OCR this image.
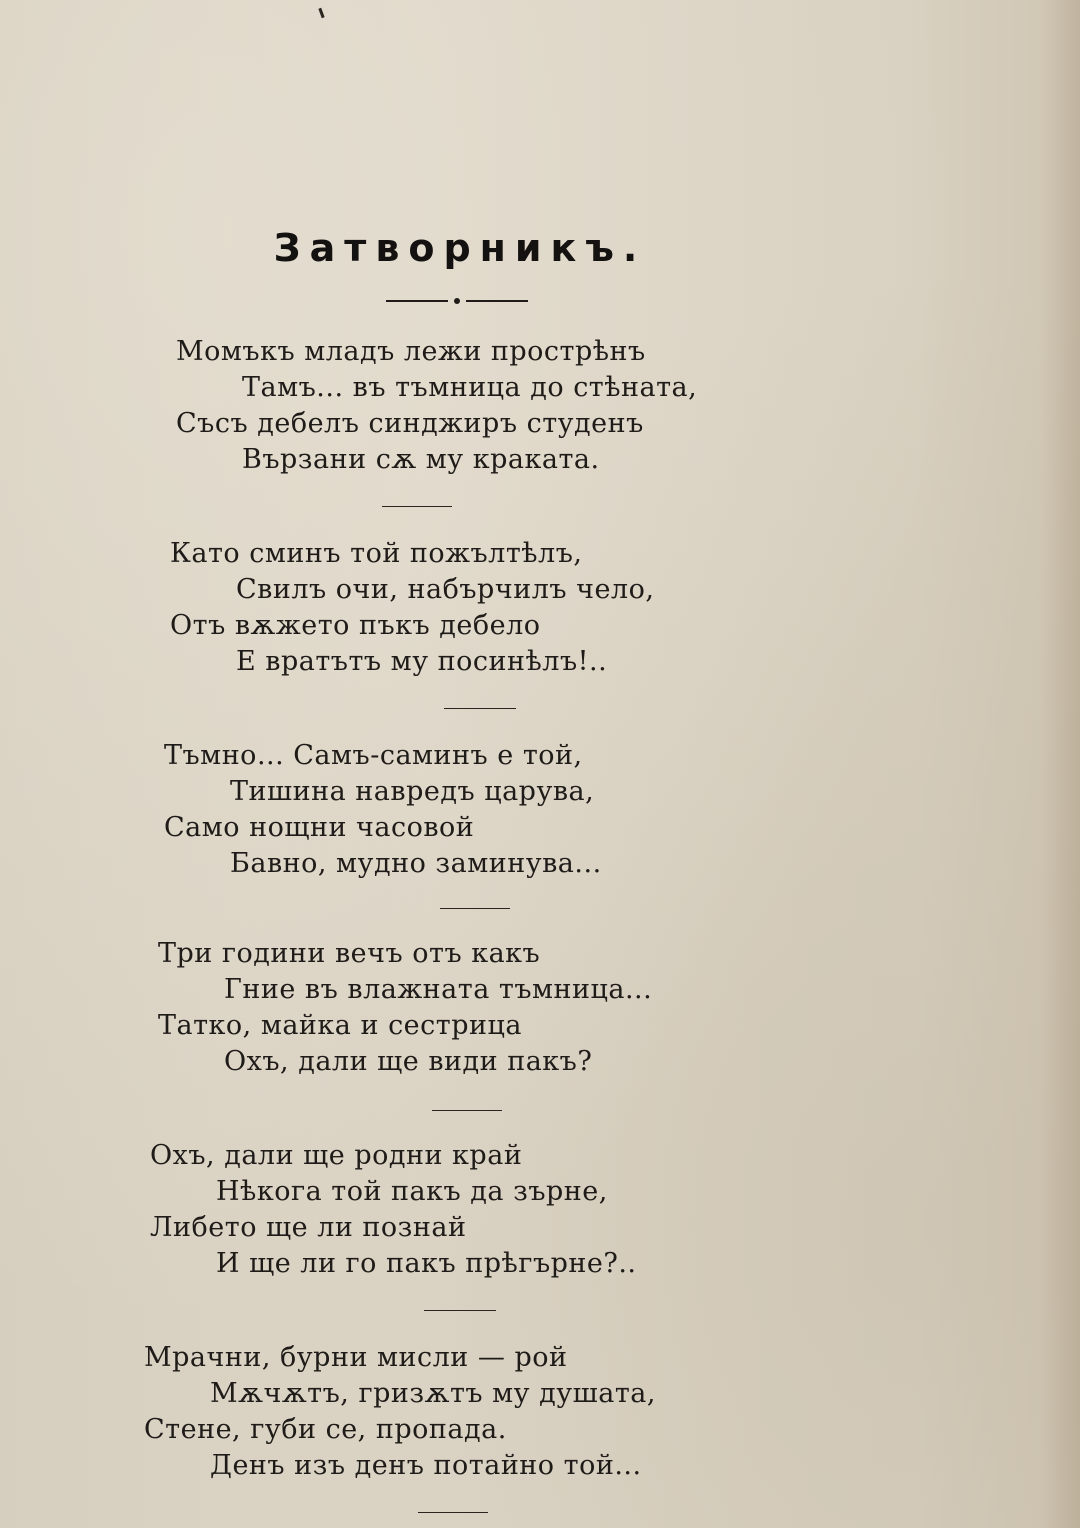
Затворникъ.
Момъкъ младъ лежи прострѣнъ
Тамъ... въ тъмница до стѣната,
Съсъ дебелъ синджиръ студенъ
Вързани сѫ му краката.
Като сминъ той пожълтѣлъ,
Свилъ очи, набърчилъ чело,
Отъ вѫжето пъкъ дебело
Е вратътъ му посинѣлъ!..
Тъмно... Самъ-саминъ е той,
Тишина навредъ царува,
Само нощни часовой
Бавно, мудно заминува...
Три години вечъ отъ какъ
Гние въ влажната тъмница...
Татко, майка и сестрица
Охъ, дали ще види пакъ?
Охъ, дали ще родни край
Нѣкога той пакъ да зърне,
Либето ще ли познай
И ще ли го пакъ прѣгърне?..
Мрачни, бурни мисли — рой
Мѫчѫтъ, гризѫтъ му душата,
Стене, губи се, пропада.
Денъ изъ денъ потайно той...
